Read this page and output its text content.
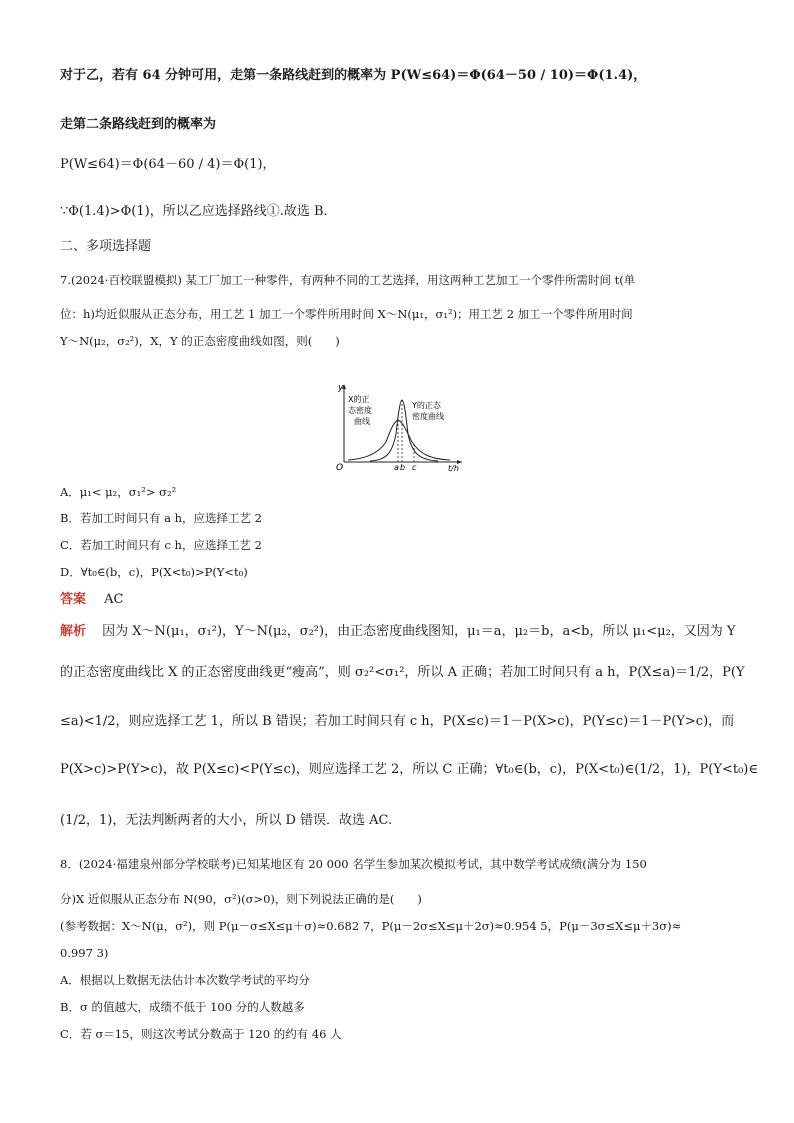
对于乙，若有 64 分钟可用，走第一条路线赶到的概率为 P(W≤64)＝Φ(64－50 / 10)＝Φ(1.4)，
走第二条路线赶到的概率为
P(W≤64)＝Φ(64－60 / 4)＝Φ(1)，
∵Φ(1.4)>Φ(1)，所以乙应选择路线①.故选 B.
二、多项选择题
7.(2024·百校联盟模拟) 某工厂加工一种零件，有两种不同的工艺选择，用这两种工艺加工一个零件所需时间 t(单
位：h)均近似服从正态分布，用工艺 1 加工一个零件所用时间 X～N(μ₁，σ₁²)；用工艺 2 加工一个零件所用时间
Y～N(μ₂，σ₂²)，X，Y 的正态密度曲线如图，则(　　)
y
O	t/h
a b c
X的正
态密度
曲线
Y的正态
密度曲线
A．μ₁< μ₂，σ₁²> σ₂²
B．若加工时间只有 a h，应选择工艺 2
C．若加工时间只有 c h，应选择工艺 2
D．∀t₀∈(b，c)，P(X<t₀)>P(Y<t₀)
答案 AC
解析 因为 X～N(μ₁，σ₁²)，Y～N(μ₂，σ₂²)，由正态密度曲线图知，μ₁＝a，μ₂＝b，a<b，所以 μ₁<μ₂，又因为 Y
的正态密度曲线比 X 的正态密度曲线更“瘦高”，则 σ₂²<σ₁²，所以 A 正确；若加工时间只有 a h，P(X≤a)＝1/2，P(Y
≤a)<1/2，则应选择工艺 1，所以 B 错误；若加工时间只有 c h，P(X≤c)＝1－P(X>c)，P(Y≤c)＝1－P(Y>c)，而
P(X>c)>P(Y>c)，故 P(X≤c)<P(Y≤c)，则应选择工艺 2，所以 C 正确；∀t₀∈(b，c)，P(X<t₀)∈(1/2，1)，P(Y<t₀)∈
(1/2，1)，无法判断两者的大小，所以 D 错误．故选 AC.
8．(2024·福建泉州部分学校联考)已知某地区有 20 000 名学生参加某次模拟考试，其中数学考试成绩(满分为 150
分)X 近似服从正态分布 N(90，σ²)(σ>0)，则下列说法正确的是(　　)
(参考数据：X～N(μ，σ²)，则 P(μ－σ≤X≤μ＋σ)≈0.682 7，P(μ－2σ≤X≤μ＋2σ)≈0.954 5，P(μ－3σ≤X≤μ＋3σ)≈
0.997 3)
A．根据以上数据无法估计本次数学考试的平均分
B．σ 的值越大，成绩不低于 100 分的人数越多
C．若 σ＝15，则这次考试分数高于 120 的约有 46 人
